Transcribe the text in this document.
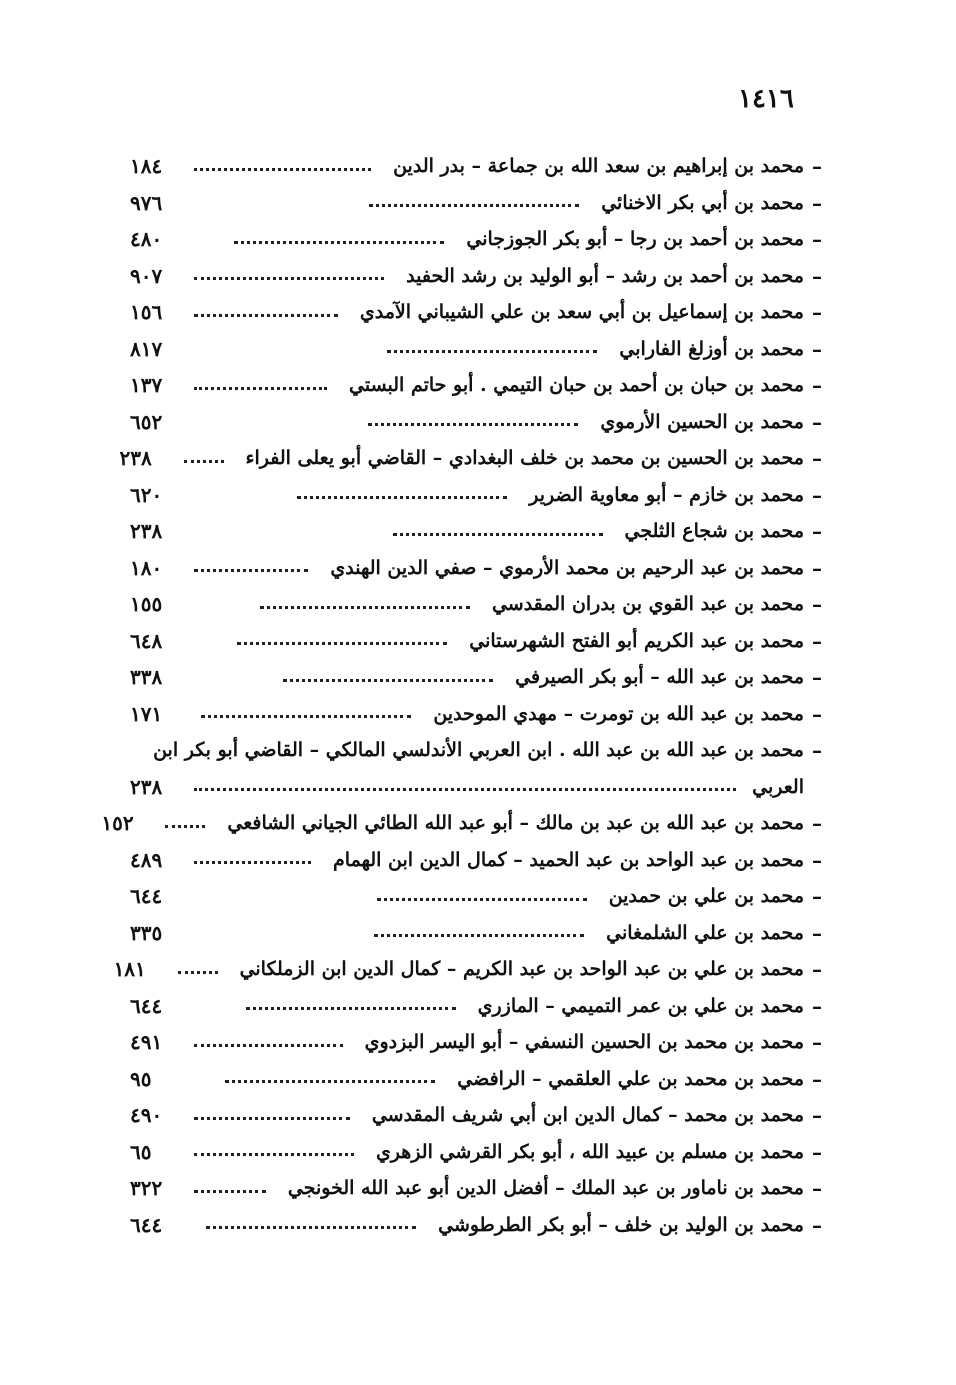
١٤١٦
–
محمد بن إبراهيم بن سعد الله بن جماعة – بدر الدين
١٨٤
–
محمد بن أبي بكر الاخنائي
٩٧٦
–
محمد بن أحمد بن رجا – أبو بكر الجوزجاني
٤٨٠
–
محمد بن أحمد بن رشد – أبو الوليد بن رشد الحفيد
٩٠٧
–
محمد بن إسماعيل بن أبي سعد بن علي الشيباني الآمدي
١٥٦
–
محمد بن أوزلغ الفارابي
٨١٧
–
محمد بن حبان بن أحمد بن حبان التيمي . أبو حاتم البستي
١٣٧
–
محمد بن الحسين الأرموي
٦٥٢
–
محمد بن الحسين بن محمد بن خلف البغدادي – القاضي أبو يعلى الفراء
٢٣٨
–
محمد بن خازم – أبو معاوية الضرير
٦٢٠
–
محمد بن شجاع الثلجي
٢٣٨
–
محمد بن عبد الرحيم بن محمد الأرموي – صفي الدين الهندي
١٨٠
–
محمد بن عبد القوي بن بدران المقدسي
١٥٥
–
محمد بن عبد الكريم أبو الفتح الشهرستاني
٦٤٨
–
محمد بن عبد الله – أبو بكر الصيرفي
٣٣٨
–
محمد بن عبد الله بن تومرت – مهدي الموحدين
١٧١
–
محمد بن عبد الله بن عبد الله . ابن العربي الأندلسي المالكي – القاضي أبو بكر ابن
العربي
٢٣٨
–
محمد بن عبد الله بن عبد بن مالك – أبو عبد الله الطائي الجياني الشافعي
١٥٢
–
محمد بن عبد الواحد بن عبد الحميد – كمال الدين ابن الهمام
٤٨٩
–
محمد بن علي بن حمدين
٦٤٤
–
محمد بن علي الشلمغاني
٣٣٥
–
محمد بن علي بن عبد الواحد بن عبد الكريم – كمال الدين ابن الزملكاني
١٨١
–
محمد بن علي بن عمر التميمي – المازري
٦٤٤
–
محمد بن محمد بن الحسين النسفي – أبو اليسر البزدوي
٤٩١
–
محمد بن محمد بن علي العلقمي – الرافضي
٩٥
–
محمد بن محمد – كمال الدين ابن أبي شريف المقدسي
٤٩٠
–
محمد بن مسلم بن عبيد الله ، أبو بكر القرشي الزهري
٦٥
–
محمد بن ناماور بن عبد الملك – أفضل الدين أبو عبد الله الخونجي
٣٢٢
–
محمد بن الوليد بن خلف – أبو بكر الطرطوشي
٦٤٤
